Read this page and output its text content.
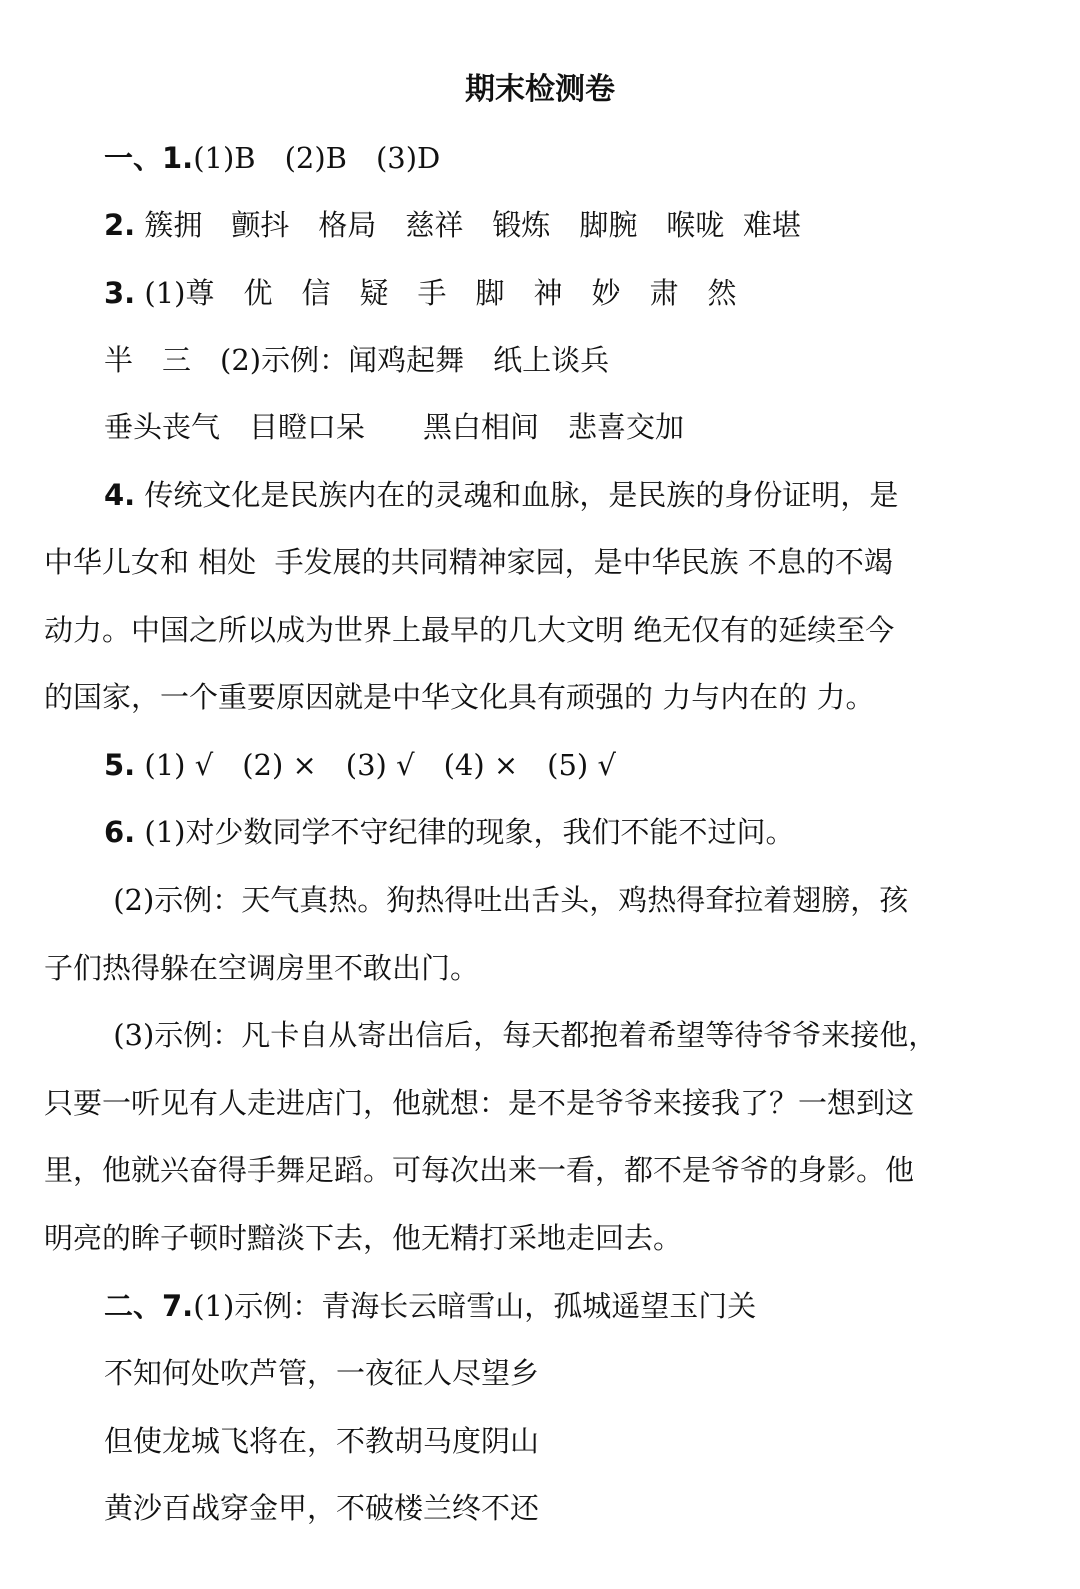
期末检测卷
一、1.(1)B　(2)B　(3)D
2. 簇拥　颤抖　格局　慈祥　锻炼　脚腕　喉咙  难堪
3. (1)尊　优　信　疑　手　脚　神　妙　肃　然
半　三　(2)示例：闻鸡起舞　纸上谈兵
垂头丧气　目瞪口呆　　黑白相间　悲喜交加
4. 传统文化是民族内在的灵魂和血脉，是民族的身份证明，是
中华儿女和 相处  手发展的共同精神家园，是中华民族 不息的不竭
动力。中国之所以成为世界上最早的几大文明 绝无仅有的延续至今
的国家，一个重要原因就是中华文化具有顽强的 力与内在的 力。
5. (1) √　(2) ×　(3) √　(4) ×　(5) √
6. (1)对少数同学不守纪律的现象，我们不能不过问。
(2)示例：天气真热。狗热得吐出舌头，鸡热得耷拉着翅膀，孩
子们热得躲在空调房里不敢出门。
(3)示例：凡卡自从寄出信后，每天都抱着希望等待爷爷来接他，
只要一听见有人走进店门，他就想：是不是爷爷来接我了？一想到这
里，他就兴奋得手舞足蹈。可每次出来一看，都不是爷爷的身影。他
明亮的眸子顿时黯淡下去，他无精打采地走回去。
二、7.(1)示例：青海长云暗雪山，孤城遥望玉门关
不知何处吹芦管，一夜征人尽望乡
但使龙城飞将在，不教胡马度阴山
黄沙百战穿金甲，不破楼兰终不还
